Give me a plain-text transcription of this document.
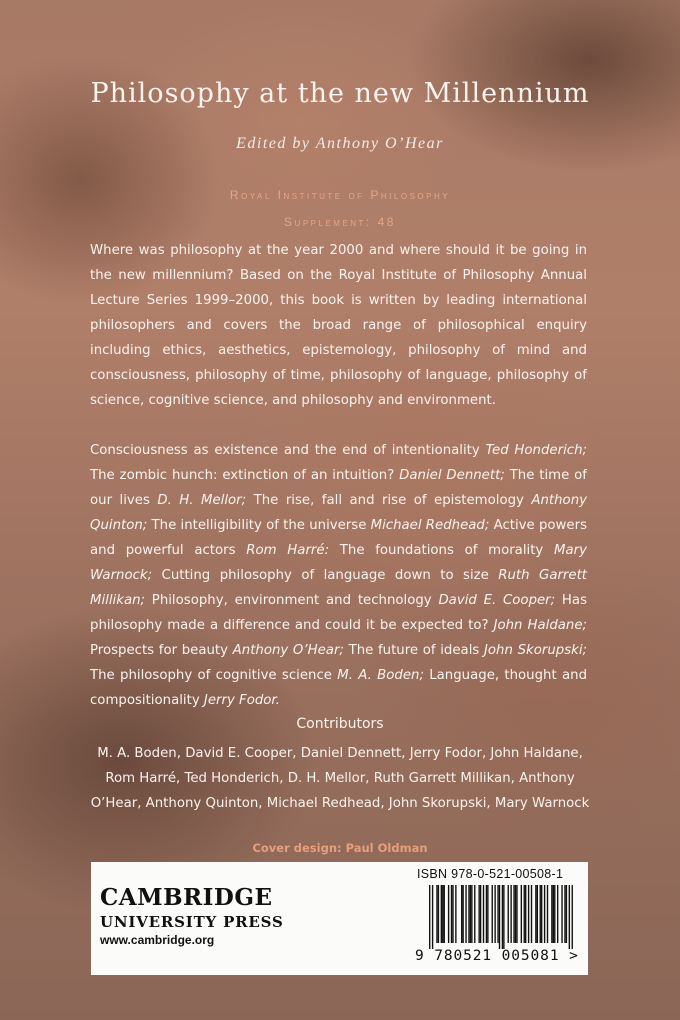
Philosophy at the new Millennium
Edited by Anthony O’Hear
Royal Institute of Philosophy
Supplement: 48
Where was philosophy at the year 2000 and where should it be going in the new millennium? Based on the Royal Institute of Philosophy Annual Lecture Series 1999–2000, this book is written by leading international philosophers and covers the broad range of philosophical enquiry including ethics, aesthetics, epistemology, philosophy of mind and consciousness, philosophy of time, philosophy of language, philosophy of science, cognitive science, and philosophy and environment.
Consciousness as existence and the end of intentionality Ted Honderich; The zombic hunch: extinction of an intuition? Daniel Dennett; The time of our lives D. H. Mellor; The rise, fall and rise of epistemology Anthony Quinton; The intelligibility of the universe Michael Redhead; Active powers and powerful actors Rom Harré: The foundations of morality Mary Warnock; Cutting philosophy of language down to size Ruth Garrett Millikan; Philosophy, environment and technology David E. Cooper; Has philosophy made a difference and could it be expected to? John Haldane; Prospects for beauty Anthony O’Hear; The future of ideals John Skorupski; The philosophy of cognitive science M. A. Boden; Language, thought and compositionality Jerry Fodor.
Contributors
M. A. Boden, David E. Cooper, Daniel Dennett, Jerry Fodor, John Haldane, Rom Harré, Ted Honderich, D. H. Mellor, Ruth Garrett Millikan, Anthony O’Hear, Anthony Quinton, Michael Redhead, John Skorupski, Mary Warnock
Cover design: Paul Oldman
CAMBRIDGE
UNIVERSITY PRESS
www.cambridge.org
ISBN 978-0-521-00508-1
9 780521 005081 >
